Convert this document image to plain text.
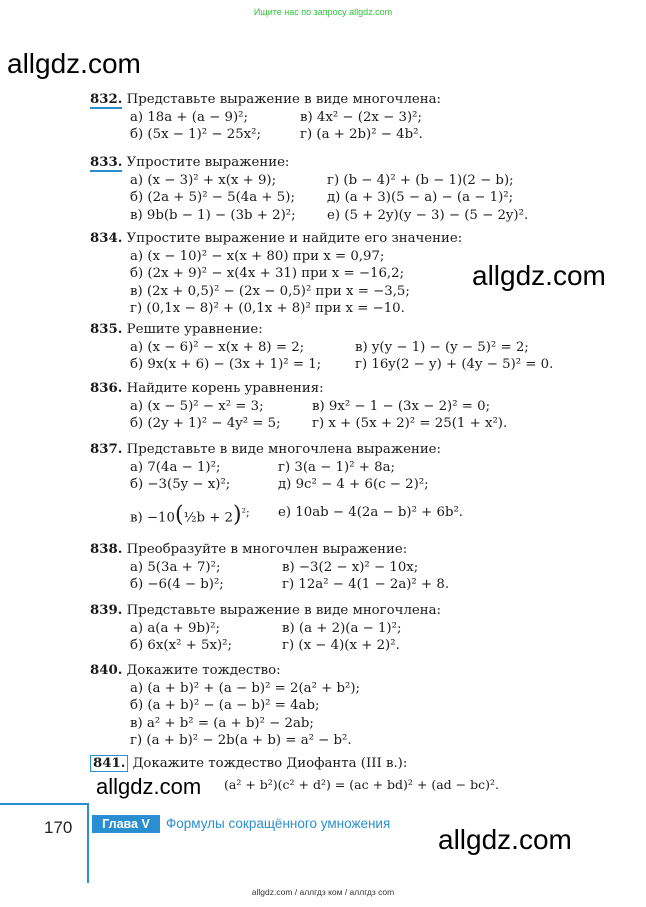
Ищите нас по запросу allgdz.com
allgdz.com
allgdz.com
allgdz.com
allgdz.com
832. Представьте выражение в виде многочлена:
а) 18a + (a − 9)²;	в) 4x² − (2x − 3)²;
б) (5x − 1)² − 25x²;	г) (a + 2b)² − 4b².
833. Упростите выражение:
а) (x − 3)² + x(x + 9);	г) (b − 4)² + (b − 1)(2 − b);
б) (2a + 5)² − 5(4a + 5);	д) (a + 3)(5 − a) − (a − 1)²;
в) 9b(b − 1) − (3b + 2)²;	е) (5 + 2y)(y − 3) − (5 − 2y)².
834. Упростите выражение и найдите его значение:
а) (x − 10)² − x(x + 80) при x = 0,97;
б) (2x + 9)² − x(4x + 31) при x = −16,2;
в) (2x + 0,5)² − (2x − 0,5)² при x = −3,5;
г) (0,1x − 8)² + (0,1x + 8)² при x = −10.
835. Решите уравнение:
а) (x − 6)² − x(x + 8) = 2;	в) y(y − 1) − (y − 5)² = 2;
б) 9x(x + 6) − (3x + 1)² = 1;	г) 16y(2 − y) + (4y − 5)² = 0.
836. Найдите корень уравнения:
а) (x − 5)² − x² = 3;	в) 9x² − 1 − (3x − 2)² = 0;
б) (2y + 1)² − 4y² = 5;	г) x + (5x + 2)² = 25(1 + x²).
837. Представьте в виде многочлена выражение:
а) 7(4a − 1)²;	г) 3(a − 1)² + 8a;
б) −3(5y − x)²;	д) 9c² − 4 + 6(c − 2)²;
в) −10(½b + 2)$^{^2;}$	е) 10ab − 4(2a − b)² + 6b².
838. Преобразуйте в многочлен выражение:
а) 5(3a + 7)²;	в) −3(2 − x)² − 10x;
б) −6(4 − b)²;	г) 12a² − 4(1 − 2a)² + 8.
839. Представьте выражение в виде многочлена:
а) a(a + 9b)²;	в) (a + 2)(a − 1)²;
б) 6x(x² + 5x)²;	г) (x − 4)(x + 2)².
840. Докажите тождество:
а) (a + b)² + (a − b)² = 2(a² + b²);
б) (a + b)² − (a − b)² = 4ab;
в) a² + b² = (a + b)² − 2ab;
г) (a + b)² − 2b(a + b) = a² − b².
841. Докажите тождество Диофанта (III в.):
(a² + b²)(c² + d²) = (ac + bd)² + (ad − bc)².
170	Глава V	Формулы сокращённого умножения
allgdz.com / аллгдз ком / аллгдз com
